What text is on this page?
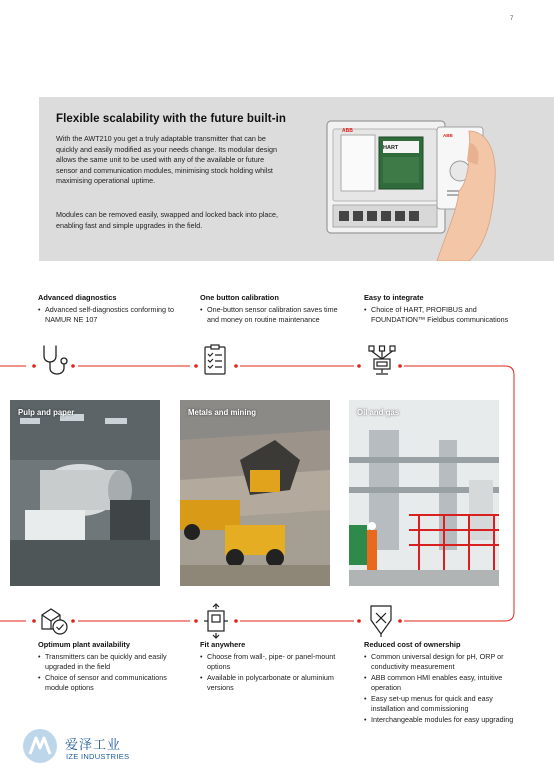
7
Flexible scalability with the future built-in
With the AWT210 you get a truly adaptable transmitter that can be quickly and easily modified as your needs change. Its modular design allows the same unit to be used with any of the available or future sensor and communication modules, minimising stock holding whilst maximising operational uptime.
Modules can be removed easily, swapped and locked back into place, enabling fast and simple upgrades in the field.
ABB
HART
ABB
Advanced diagnostics
• Advanced self-diagnostics conforming to NAMUR NE 107
One button calibration
• One-button sensor calibration saves time and money on routine maintenance
Easy to integrate
• Choice of HART, PROFIBUS and FOUNDATION™ Fieldbus communications
Pulp and paper	Metals and mining	Oil and gas
Optimum plant availability
• Transmitters can be quickly and easily upgraded in the field
• Choice of sensor and communications module options
Fit anywhere
• Choose from wall-, pipe- or panel-mount options
• Available in polycarbonate or aluminium versions
Reduced cost of ownership
• Common universal design for pH, ORP or conductivity measurement
• ABB common HMI enables easy, intuitive operation
• Easy set-up menus for quick and easy installation and commissioning
• Interchangeable modules for easy upgrading
爱泽工业
IZE INDUSTRIES
